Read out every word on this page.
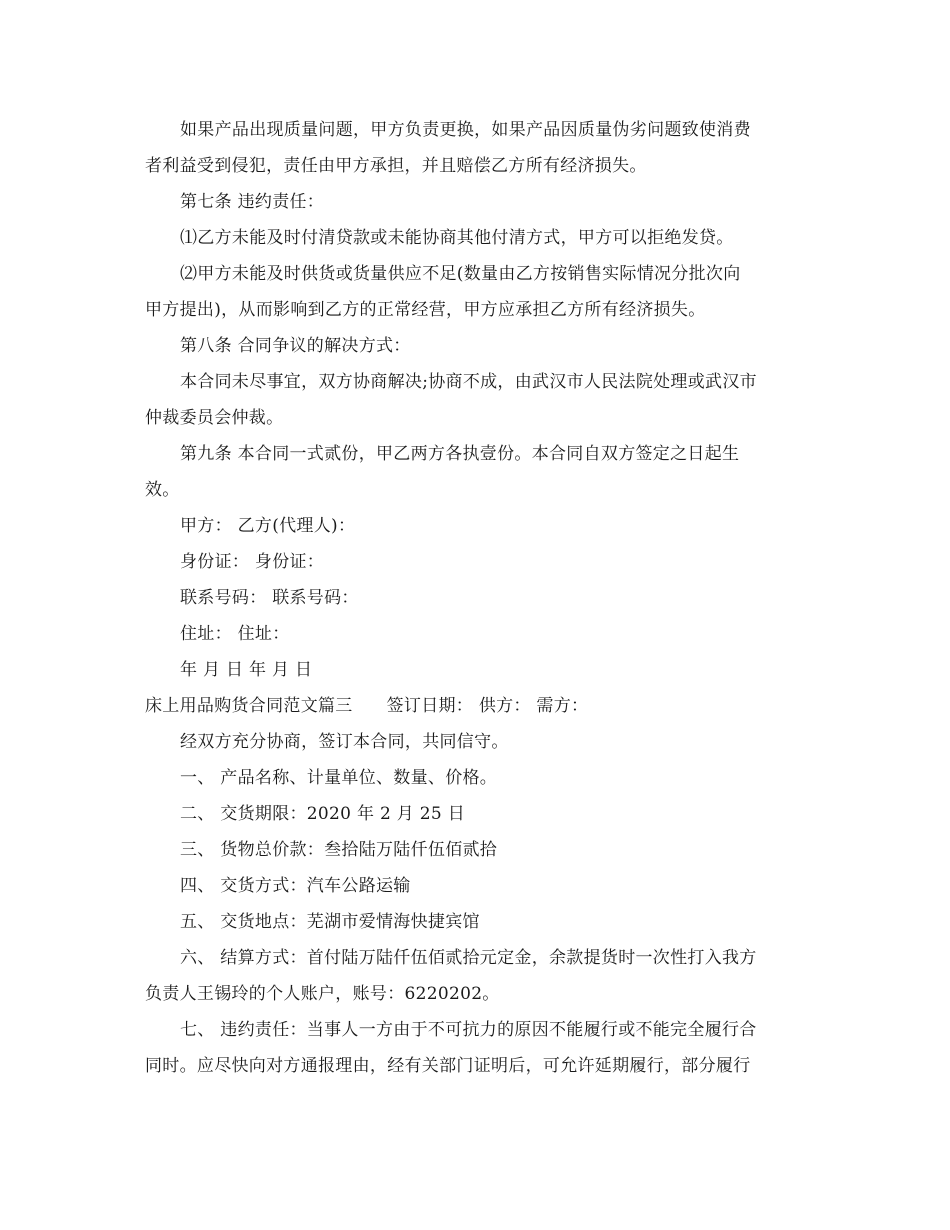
如果产品出现质量问题，甲方负责更换，如果产品因质量伪劣问题致使消费
者利益受到侵犯，责任由甲方承担，并且赔偿乙方所有经济损失。
第七条 违约责任：
⑴乙方未能及时付清贷款或未能协商其他付清方式，甲方可以拒绝发贷。
⑵甲方未能及时供货或货量供应不足(数量由乙方按销售实际情况分批次向
甲方提出)，从而影响到乙方的正常经营，甲方应承担乙方所有经济损失。
第八条 合同争议的解决方式：
本合同未尽事宜，双方协商解决;协商不成，由武汉市人民法院处理或武汉市
仲裁委员会仲裁。
第九条 本合同一式贰份，甲乙两方各执壹份。本合同自双方签定之日起生
效。
甲方： 乙方(代理人)：
身份证： 身份证：
联系号码： 联系号码：
住址： 住址：
年 月 日 年 月 日
床上用品购货合同范文篇三 签订日期： 供方： 需方：
经双方充分协商，签订本合同，共同信守。
一、 产品名称、计量单位、数量、价格。
二、 交货期限：2020 年 2 月 25 日
三、 货物总价款：叁拾陆万陆仟伍佰贰拾
四、 交货方式：汽车公路运输
五、 交货地点：芜湖市爱情海快捷宾馆
六、 结算方式：首付陆万陆仟伍佰贰拾元定金，余款提货时一次性打入我方
负责人王锡玲的个人账户，账号：6220202。
七、 违约责任：当事人一方由于不可抗力的原因不能履行或不能完全履行合
同时。应尽快向对方通报理由，经有关部门证明后，可允许延期履行，部分履行
